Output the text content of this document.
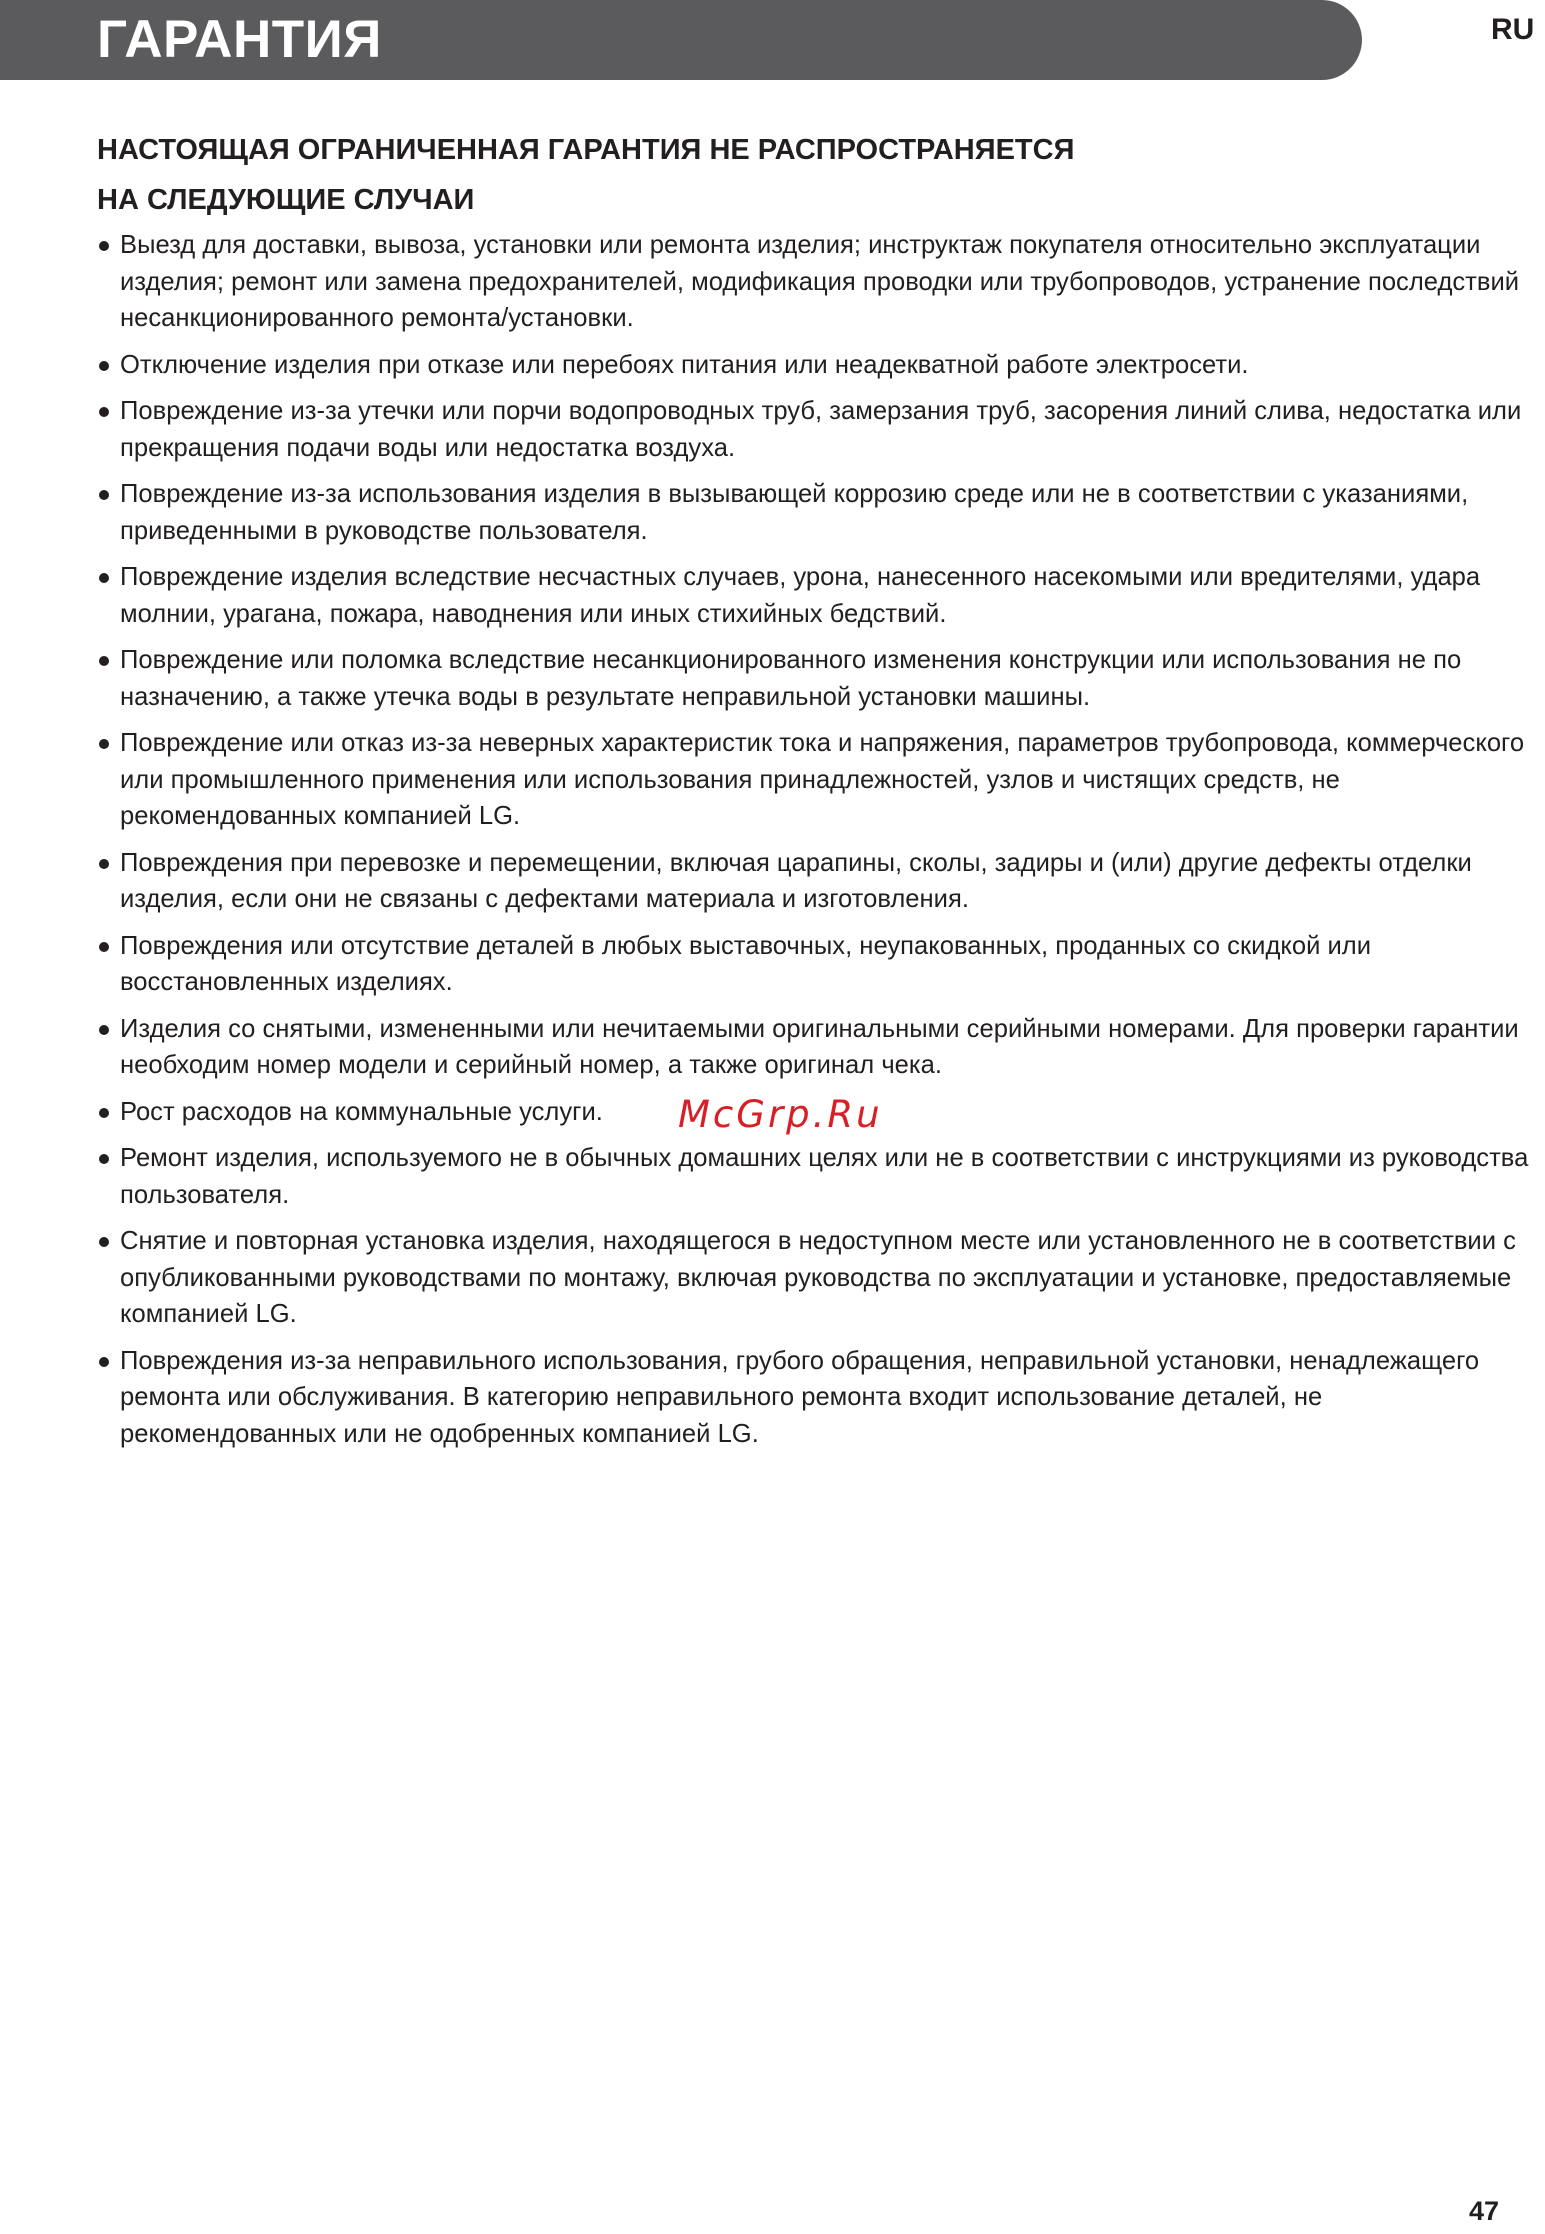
ГАРАНТИЯ	RU
НАСТОЯЩАЯ ОГРАНИЧЕННАЯ ГАРАНТИЯ НЕ РАСПРОСТРАНЯЕТСЯ
НА СЛЕДУЮЩИЕ СЛУЧАИ
Выезд для доставки, вывоза, установки или ремонта изделия; инструктаж покупателя относительно эксплуатации изделия; ремонт или замена предохранителей, модификация проводки или трубопроводов, устранение последствий несанкционированного ремонта/установки.
Отключение изделия при отказе или перебоях питания или неадекватной работе электросети.
Повреждение из-за утечки или порчи водопроводных труб, замерзания труб, засорения линий слива, недостатка или прекращения подачи воды или недостатка воздуха.
Повреждение из-за использования изделия в вызывающей коррозию среде или не в соответствии с указаниями, приведенными в руководстве пользователя.
Повреждение изделия вследствие несчастных случаев, урона, нанесенного насекомыми или вредителями, удара молнии, урагана, пожара, наводнения или иных стихийных бедствий.
Повреждение или поломка вследствие несанкционированного изменения конструкции или использования не по назначению, а также утечка воды в результате неправильной установки машины.
Повреждение или отказ из-за неверных характеристик тока и напряжения, параметров трубопровода, коммерческого или промышленного применения или использования принадлежностей, узлов и чистящих средств, не рекомендованных компанией LG.
Повреждения при перевозке и перемещении, включая царапины, сколы, задиры и (или) другие дефекты отделки изделия, если они не связаны с дефектами материала и изготовления.
Повреждения или отсутствие деталей в любых выставочных, неупакованных, проданных со скидкой или восстановленных изделиях.
Изделия со снятыми, измененными или нечитаемыми оригинальными серийными номерами. Для проверки гарантии необходим номер модели и серийный номер, а также оригинал чека.
Рост расходов на коммунальные услуги.
Ремонт изделия, используемого не в обычных домашних целях или не в соответствии с инструкциями из руководства пользователя.
Снятие и повторная установка изделия, находящегося в недоступном месте или установленного не в соответствии с опубликованными руководствами по монтажу, включая руководства по эксплуатации и установке, предоставляемые компанией LG.
Повреждения из-за неправильного использования, грубого обращения, неправильной установки, ненадлежащего ремонта или обслуживания. В категорию неправильного ремонта входит использование деталей, не рекомендованных или не одобренных компанией LG.
McGrp.Ru
47
